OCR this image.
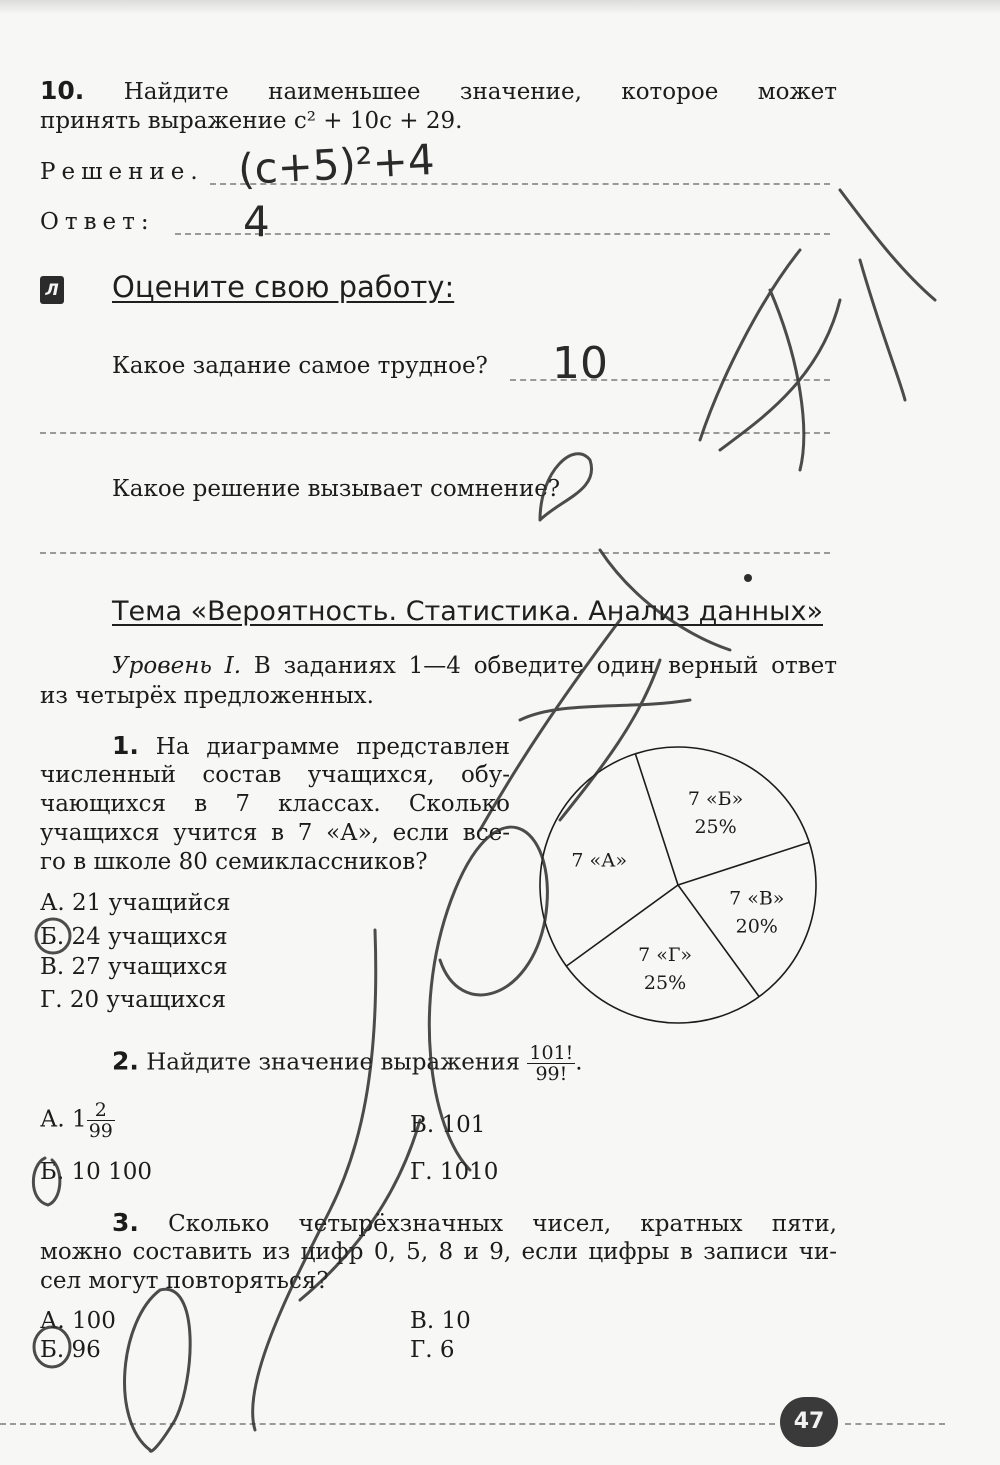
10. Найдите наименьшее значение, которое может
принять выражение c² + 10c + 29.
Решение. (c+5)²+4
Ответ: 4
Л Оцените свою работу:
Какое задание самое трудное? 10
Какое решение вызывает сомнение?
Тема «Вероятность. Статистика. Анализ данных»
Уровень I. В заданиях 1—4 обведите один верный ответ
из четырёх предложенных.
1. На диаграмме представлен
численный состав учащихся, обу-
чающихся в 7 классах. Сколько
учащихся учится в 7 «А», если все-
го в школе 80 семиклассников?
А. 21 учащийся
Б. 24 учащихся
В. 27 учащихся
Г. 20 учащихся
7 «Б»
25%
7 «В»
20%
7 «Г»
25%
7 «А»
2. Найдите значение выражения $\frac{101!}{99!}$ .
А. $1 \frac{2}{99}$	В. 101
Б. 10 100	Г. 1010
3. Сколько четырёхзначных чисел, кратных пяти,
можно составить из цифр 0, 5, 8 и 9, если цифры в записи чи-
сел могут повторяться?
А. 100	В. 10
Б. 96	Г. 6
47
